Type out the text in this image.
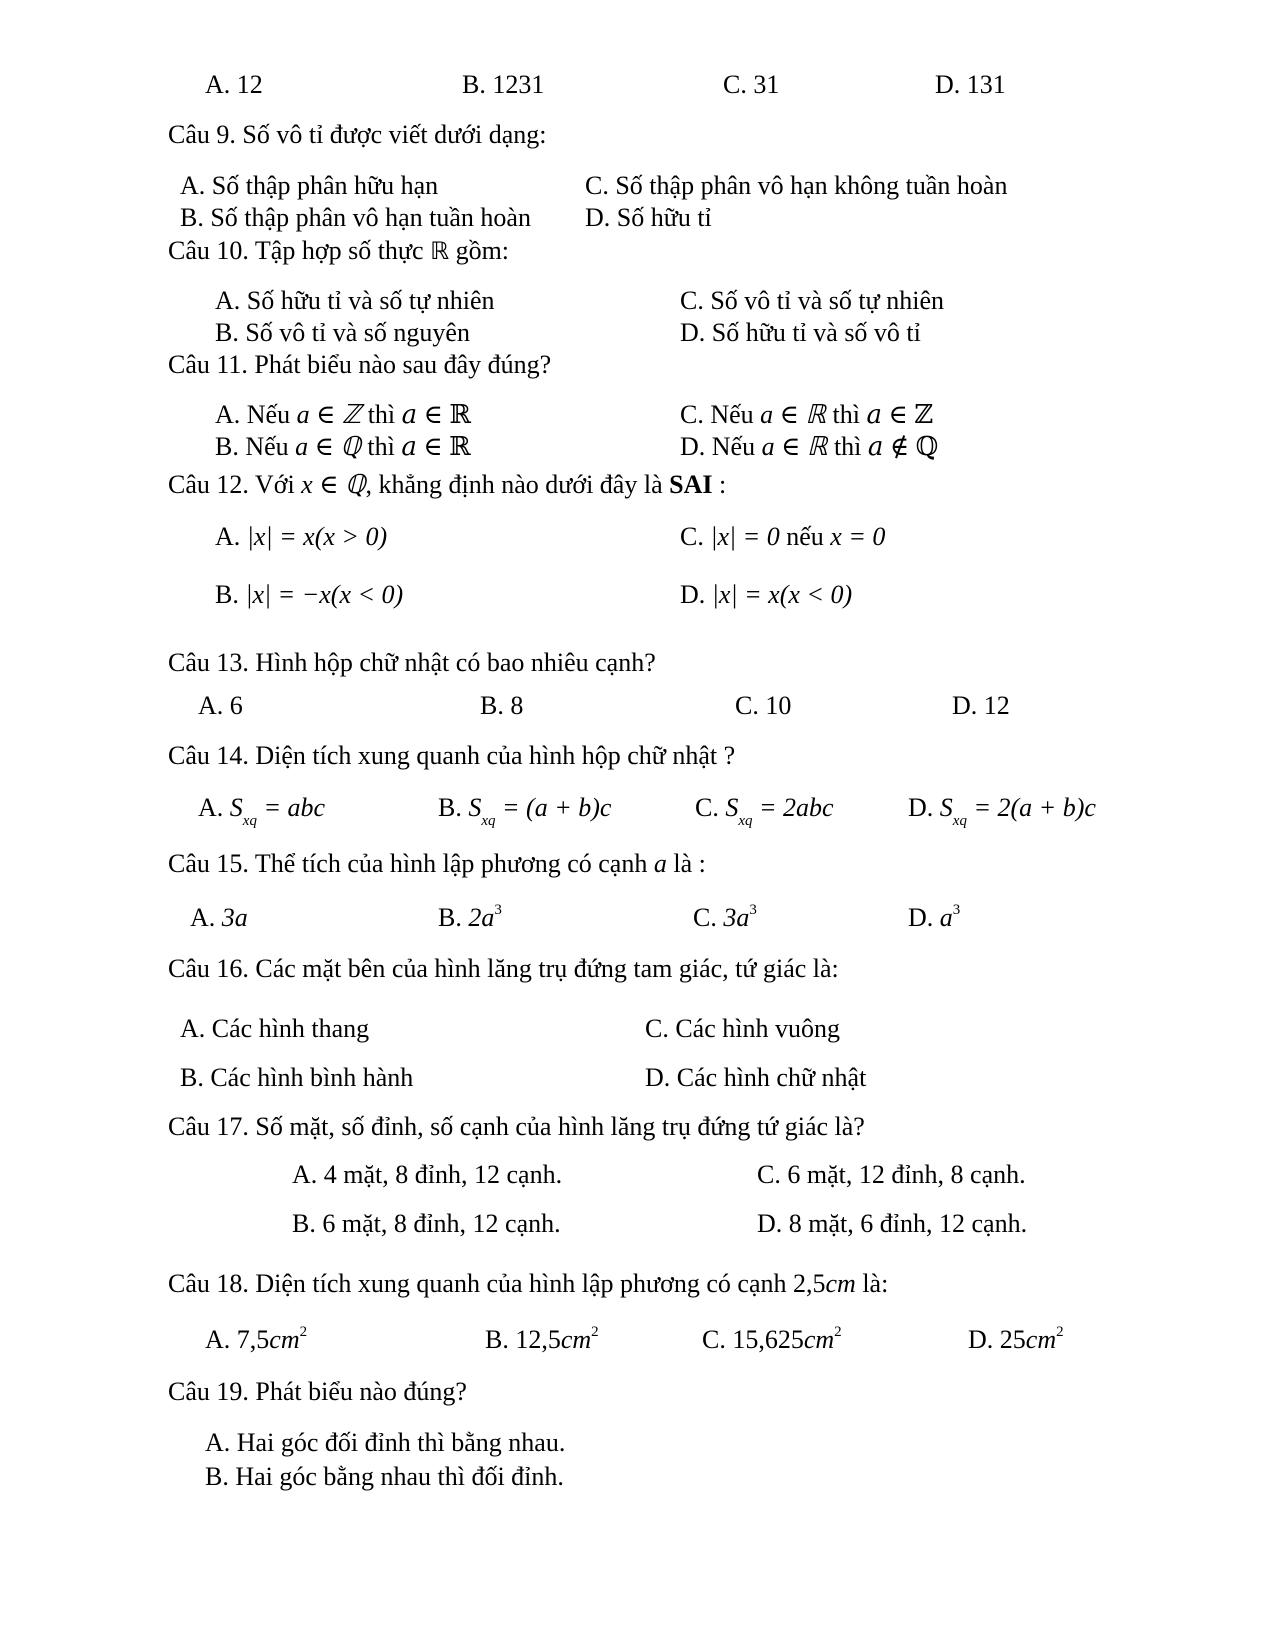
A. 12	B. 1231	C. 31	D. 131
Câu 9. Số vô tỉ được viết dưới dạng:
A. Số thập phân hữu hạn
B. Số thập phân vô hạn tuần hoàn
C. Số thập phân vô hạn không tuần hoàn
D. Số hữu tỉ
Câu 10. Tập hợp số thực ℝ gồm:
A. Số hữu tỉ và số tự nhiên
B. Số vô tỉ và số nguyên
C. Số vô tỉ và số tự nhiên
D. Số hữu tỉ và số vô tỉ
Câu 11. Phát biểu nào sau đây đúng?
A. Nếu a ∈ ℤ thì 𝑎 ∈ ℝ
B. Nếu a ∈ ℚ thì 𝑎 ∈ ℝ
C. Nếu a ∈ ℝ thì 𝑎 ∈ ℤ
D. Nếu a ∈ ℝ thì 𝑎 ∉ ℚ
Câu 12. Với x ∈ ℚ, khẳng định nào dưới đây là SAI :
A. |x| = x(x > 0)
B. |x| = −x(x < 0)
C. |x| = 0 nếu x = 0
D. |x| = x(x < 0)
Câu 13. Hình hộp chữ nhật có bao nhiêu cạnh?
A. 6	B. 8	C. 10	D. 12
Câu 14. Diện tích xung quanh của hình hộp chữ nhật ?
A. $S_{xq}$ = abc	B. $S_{xq} = (a + b)c$	C. $S_{xq} = 2abc$	D. $S_{xq} = 2(a + b)c$
Câu 15. Thể tích của hình lập phương có cạnh a là :
A. 3a	B. $2a^3$	C. $3a^3$	D. $a^3$
Câu 16. Các mặt bên của hình lăng trụ đứng tam giác, tứ giác là:
A. Các hình thang
B. Các hình bình hành
C. Các hình vuông
D. Các hình chữ nhật
Câu 17. Số mặt, số đỉnh, số cạnh của hình lăng trụ đứng tứ giác là?
A. 4 mặt, 8 đỉnh, 12 cạnh.
B. 6 mặt, 8 đỉnh, 12 cạnh.
C. 6 mặt, 12 đỉnh, 8 cạnh.
D. 8 mặt, 6 đỉnh, 12 cạnh.
Câu 18. Diện tích xung quanh của hình lập phương có cạnh 2,5cm là:
A. $7,5cm^2$	B. $12,5cm^2$	C. $15,625cm^2$	D. $25cm^2$
Câu 19. Phát biểu nào đúng?
A. Hai góc đối đỉnh thì bằng nhau.
B. Hai góc bằng nhau thì đối đỉnh.
